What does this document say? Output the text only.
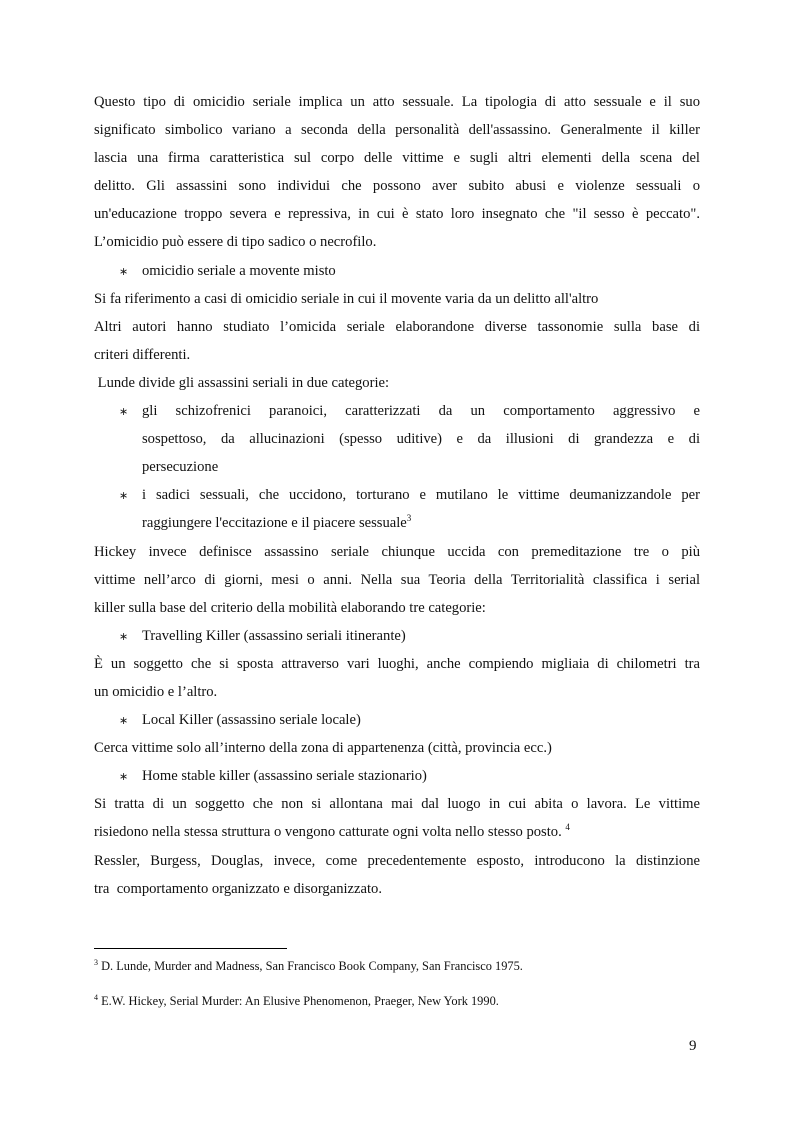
Questo tipo di omicidio seriale implica un atto sessuale. La tipologia di atto sessuale e il suo

significato simbolico variano a seconda della personalità dell'assassino. Generalmente il killer

lascia una firma caratteristica sul corpo delle vittime e sugli altri elementi della scena del

delitto. Gli assassini sono individui che possono aver subito abusi e violenze sessuali o

un'educazione troppo severa e repressiva, in cui è stato loro insegnato che "il sesso è peccato".

L’omicidio può essere di tipo sadico o necrofilo.

∗ omicidio seriale a movente misto

Si fa riferimento a casi di omicidio seriale in cui il movente varia da un delitto all'altro

Altri autori hanno studiato l’omicida seriale elaborandone diverse tassonomie sulla base di

criteri differenti.

Lunde divide gli assassini seriali in due categorie:

∗ gli schizofrenici paranoici, caratterizzati da un comportamento aggressivo e
sospettoso, da allucinazioni (spesso uditive) e da illusioni di grandezza e di
persecuzione
∗ i sadici sessuali, che uccidono, torturano e mutilano le vittime deumanizzandole per
raggiungere l'eccitazione e il piacere sessuale$^3$

Hickey invece definisce assassino seriale chiunque uccida con premeditazione tre o più

vittime nell’arco di giorni, mesi o anni. Nella sua Teoria della Territorialità classifica i serial

killer sulla base del criterio della mobilità elaborando tre categorie:

∗ Travelling Killer (assassino seriali itinerante)

È un soggetto che si sposta attraverso vari luoghi, anche compiendo migliaia di chilometri tra

un omicidio e l’altro.

∗ Local Killer (assassino seriale locale)

Cerca vittime solo all’interno della zona di appartenenza (città, provincia ecc.)

∗ Home stable killer (assassino seriale stazionario)

Si tratta di un soggetto che non si allontana mai dal luogo in cui abita o lavora. Le vittime

risiedono nella stessa struttura o vengono catturate ogni volta nello stesso posto. $^4$

Ressler, Burgess, Douglas, invece, come precedentemente esposto, introducono la distinzione

tra  comportamento organizzato e disorganizzato.

$^3$ D. Lunde, Murder and Madness, San Francisco Book Company, San Francisco 1975.
$^4$ E.W. Hickey, Serial Murder: An Elusive Phenomenon, Praeger, New York 1990.
9
